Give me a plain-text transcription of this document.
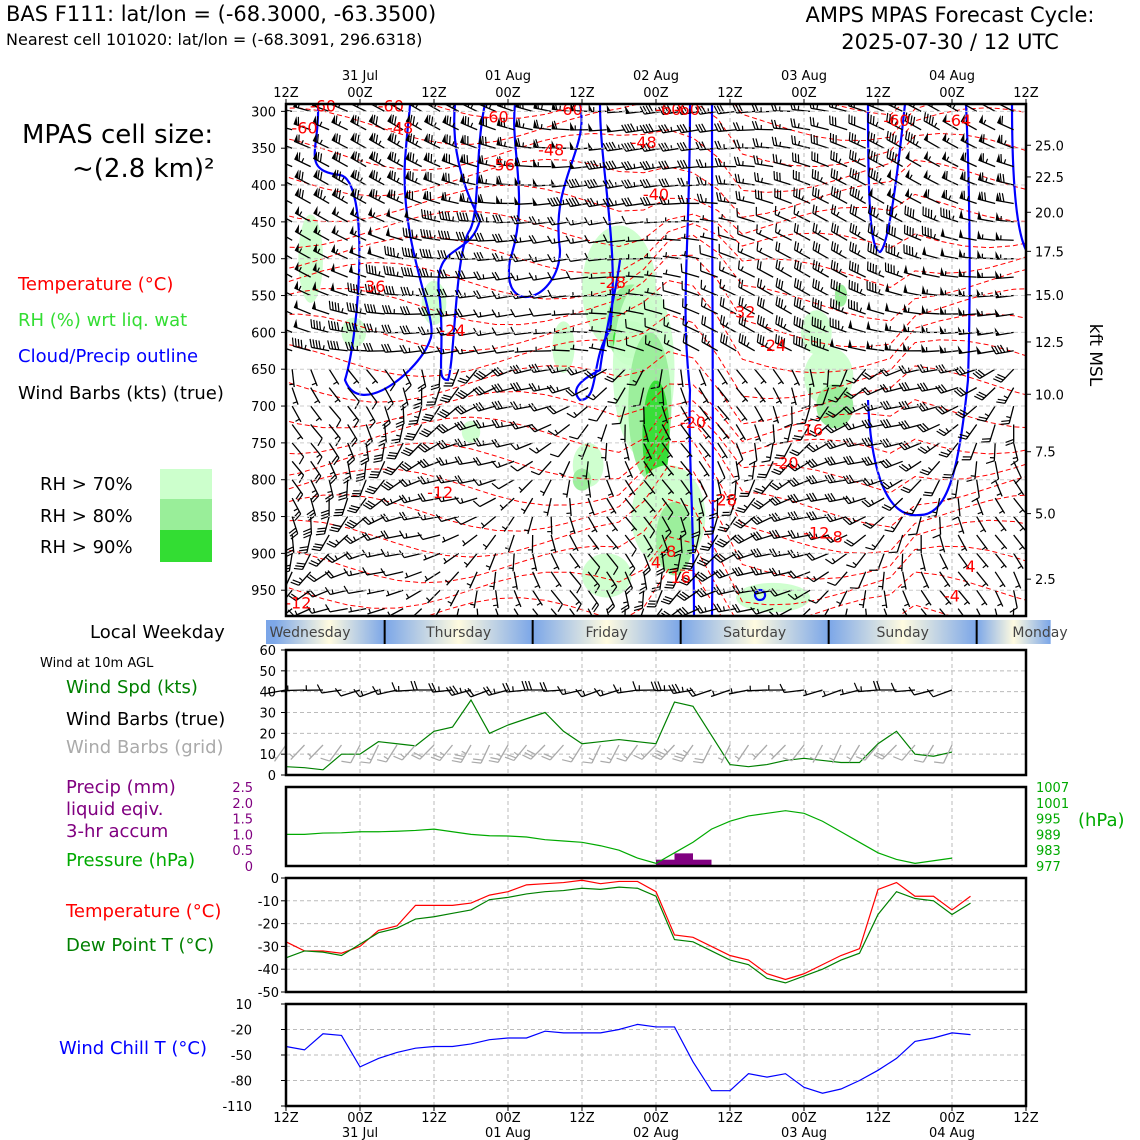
BAS F111: lat/lon = (-68.3000, -63.3500)
Nearest cell 101020: lat/lon = (-68.3091, 296.6318)
AMPS MPAS Forecast Cycle:
2025-07-30 / 12 UTC
MPAS cell size:
~(2.8 km)²
Temperature (°C)
RH (%) wrt liq. wat
Cloud/Precip outline
Wind Barbs (kts) (true)
RH > 70%
RH > 80%
RH > 90%
Local Weekday
Wind at 10m AGL
Wind Spd (kts)
Wind Barbs (true)
Wind Barbs (grid)
Precip (mm)
liquid eqiv.
3-hr accum
Pressure (hPa)
Temperature (°C)
Dew Point T (°C)
Wind Chill T (°C)
(hPa)
-60
-60
-60
-48
-60
-56
-48
-60	-60
-60
-48
-40
-28
-36
-24
-32
-24
-20	-16
-20
-28
-12
-12
-8
-8
4
16
4
-4
-12
-64
-60
300
350
400
450
500
550
600
650
700
750
800
850
900
950
25.0
22.5
20.0
17.5
15.0
12.5
10.0
7.5
5.0
2.5
kft MSL
12Z	00Z	12Z	00Z	12Z	00Z	12Z	00Z	12Z	00Z	12Z
31 Jul	01 Aug	02 Aug	03 Aug	04 Aug
Wednesday	Thursday	Friday	Saturday	Sunday	Monday
0
10
20
30
40
50
60
0
0.5
1.0
1.5
2.0
2.5
977
983
989
995
1001
1007
0
-10
-20
-30
-40
-50
10
-20
-50
-80
-110
12Z	00Z	12Z	00Z	12Z	00Z	12Z	00Z	12Z	00Z	12Z
31 Jul	01 Aug	02 Aug	03 Aug	04 Aug
